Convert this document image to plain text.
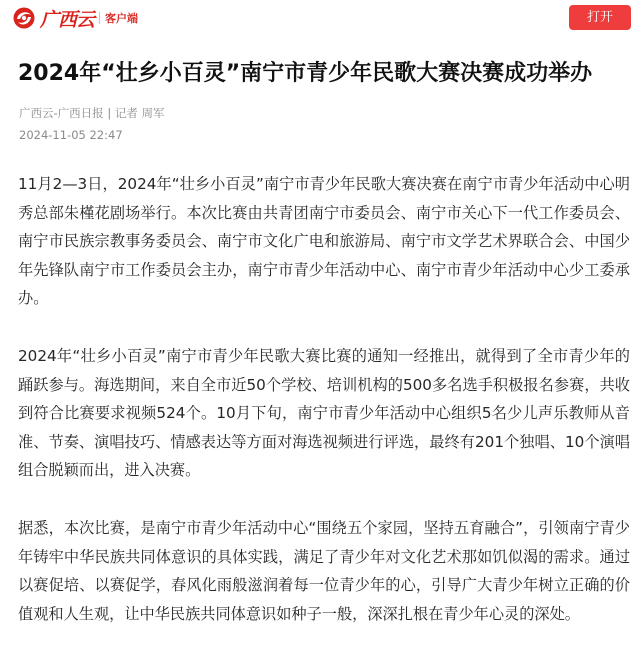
广西云 客户端	打开
2024年“壮乡小百灵”南宁市青少年民歌大赛决赛成功举办
广西云-广西日报 | 记者 周军
2024-11-05 22:47

11月2—3日，2024年“壮乡小百灵”南宁市青少年民歌大赛决赛在南宁市青少年活动中心明秀总部朱槿花剧场举行。本次比赛由共青团南宁市委员会、南宁市关心下一代工作委员会、南宁市民族宗教事务委员会、南宁市文化广电和旅游局、南宁市文学艺术界联合会、中国少年先锋队南宁市工作委员会主办，南宁市青少年活动中心、南宁市青少年活动中心少工委承办。

2024年“壮乡小百灵”南宁市青少年民歌大赛比赛的通知一经推出，就得到了全市青少年的踊跃参与。海选期间，来自全市近50个学校、培训机构的500多名选手积极报名参赛，共收到符合比赛要求视频524个。10月下旬，南宁市青少年活动中心组织5名少儿声乐教师从音准、节奏、演唱技巧、情感表达等方面对海选视频进行评选，最终有201个独唱、10个演唱组合脱颖而出，进入决赛。

据悉，本次比赛，是南宁市青少年活动中心“围绕五个家园，坚持五育融合”，引领南宁青少年铸牢中华民族共同体意识的具体实践，满足了青少年对文化艺术那如饥似渴的需求。通过以赛促培、以赛促学，春风化雨般滋润着每一位青少年的心，引导广大青少年树立正确的价值观和人生观，让中华民族共同体意识如种子一般，深深扎根在青少年心灵的深处。
